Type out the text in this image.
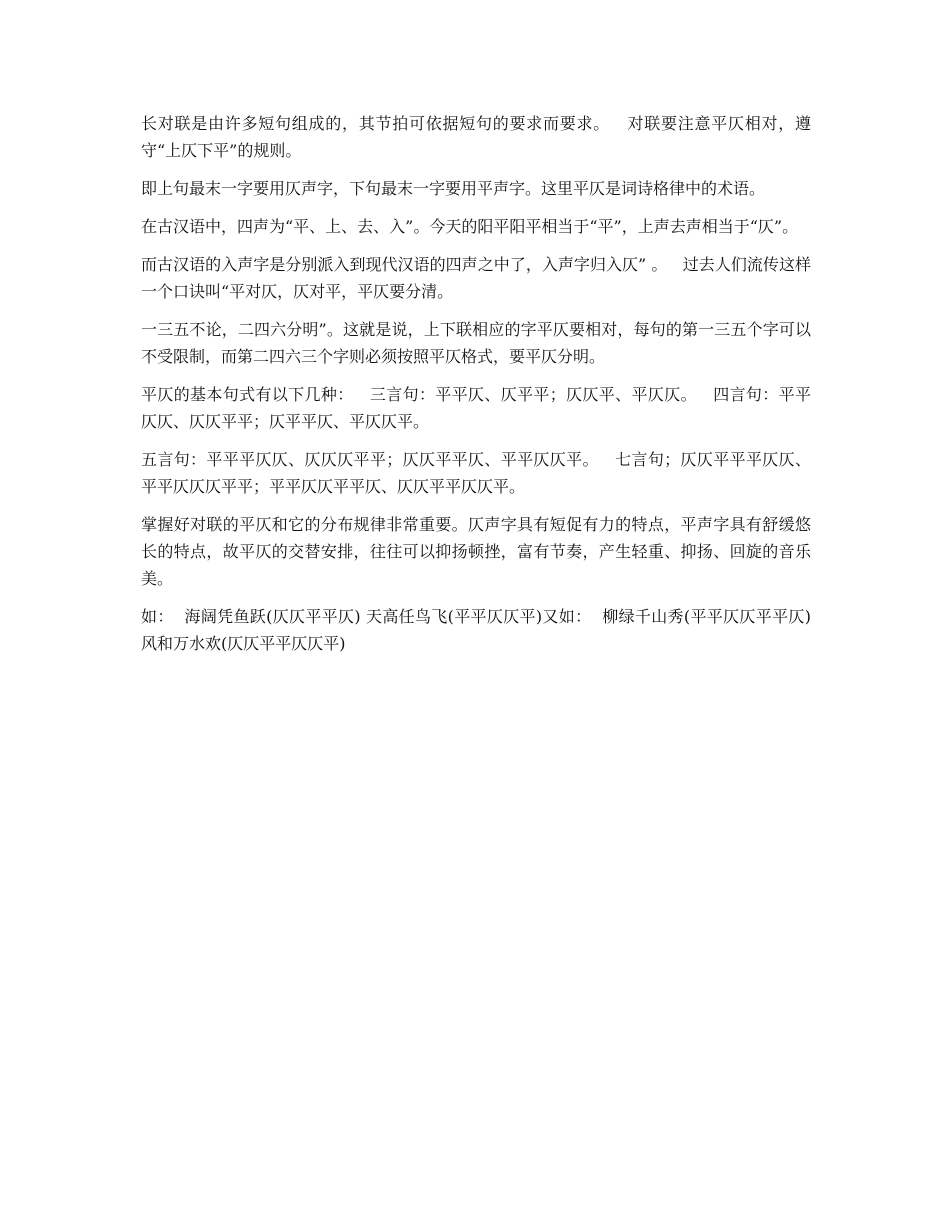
长对联是由许多短句组成的，其节拍可依据短句的要求而要求。   对联要注意平仄相对，遵守“上仄下平”的规则。

即上句最末一字要用仄声字，下句最末一字要用平声字。这里平仄是词诗格律中的术语。

在古汉语中，四声为“平、上、去、入”。今天的阳平阳平相当于“平”，上声去声相当于“仄”。

而古汉语的入声字是分别派入到现代汉语的四声之中了，入声字归入仄” 。   过去人们流传这样一个口诀叫“平对仄，仄对平，平仄要分清。

一三五不论，二四六分明”。这就是说，上下联相应的字平仄要相对，每句的第一三五个字可以不受限制，而第二四六三个字则必须按照平仄格式，要平仄分明。

平仄的基本句式有以下几种：   三言句：平平仄、仄平平；仄仄平、平仄仄。   四言句：平平仄仄、仄仄平平；仄平平仄、平仄仄平。

五言句：平平平仄仄、仄仄仄平平；仄仄平平仄、平平仄仄平。   七言句；仄仄平平平仄仄、平平仄仄仄平平；平平仄仄平平仄、仄仄平平仄仄平。

掌握好对联的平仄和它的分布规律非常重要。仄声字具有短促有力的特点，平声字具有舒缓悠长的特点，故平仄的交替安排，往往可以抑扬顿挫，富有节奏，产生轻重、抑扬、回旋的音乐美。

如：  海阔凭鱼跃(仄仄平平仄) 天高任鸟飞(平平仄仄平)又如：  柳绿千山秀(平平仄仄平平仄) 风和万水欢(仄仄平平仄仄平)
